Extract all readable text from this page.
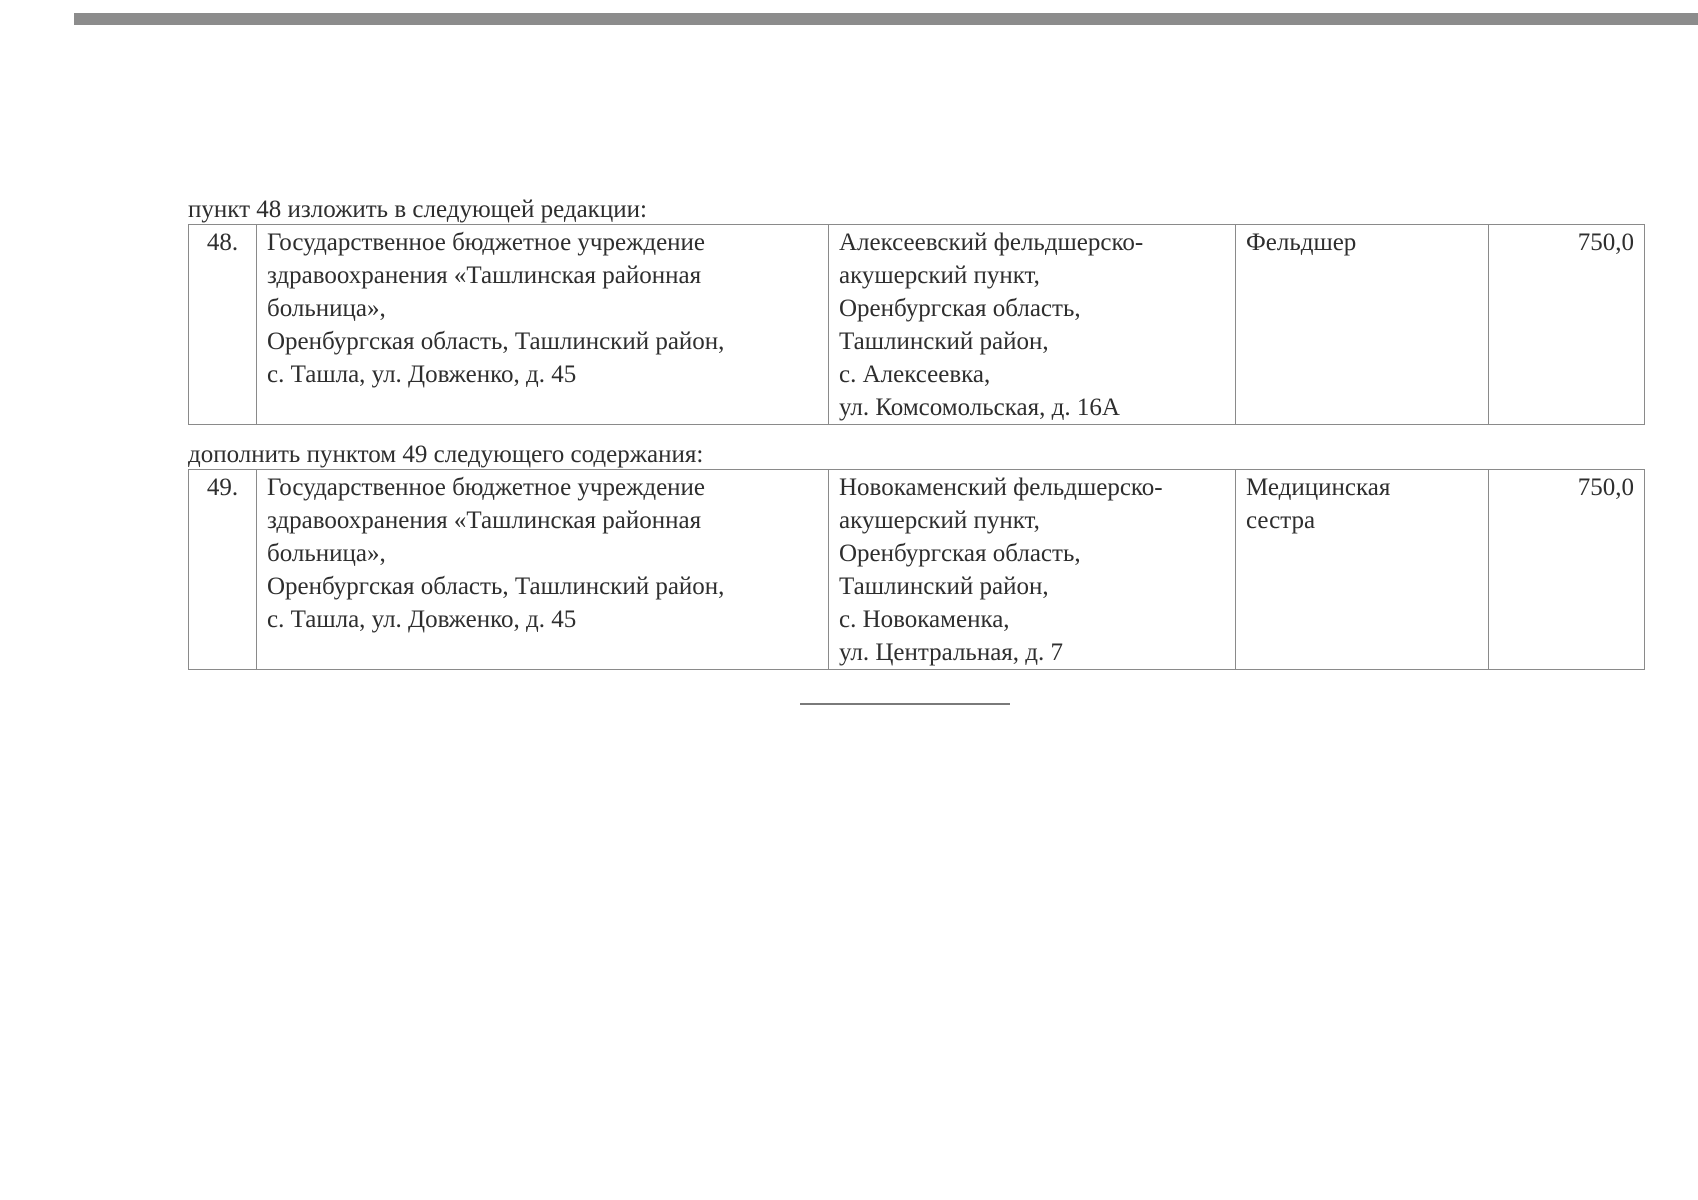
пункт 48 изложить в следующей редакции:

48.	Государственное бюджетное учреждение
здравоохранения «Ташлинская районная
больница»,
Оренбургская область, Ташлинский район,
с. Ташла, ул. Довженко, д. 45	Алексеевский фельдшерско-
акушерский пункт,
Оренбургская область,
Ташлинский район,
с. Алексеевка,
ул. Комсомольская, д. 16А	Фельдшер	750,0

дополнить пунктом 49 следующего содержания:

49.	Государственное бюджетное учреждение
здравоохранения «Ташлинская районная
больница»,
Оренбургская область, Ташлинский район,
с. Ташла, ул. Довженко, д. 45	Новокаменский фельдшерско-
акушерский пункт,
Оренбургская область,
Ташлинский район,
с. Новокаменка,
ул. Центральная, д. 7	Медицинская
сестра	750,0
